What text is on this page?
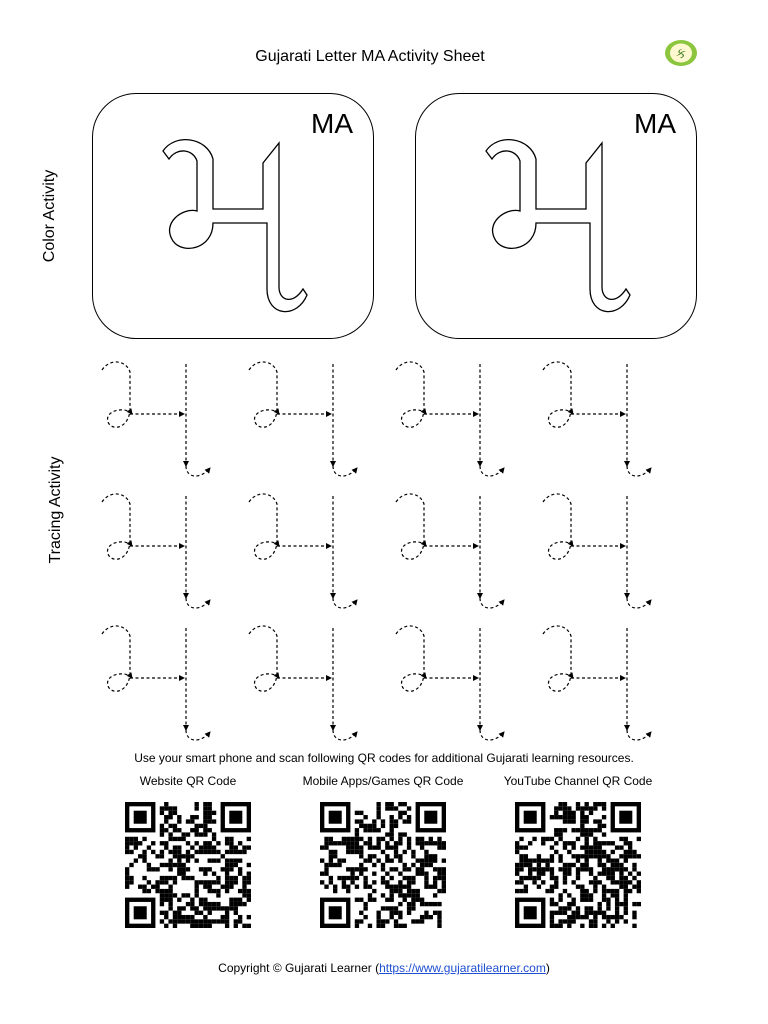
Gujarati Letter MA Activity Sheet	ક
Color Activity
Tracing Activity
MA	MA
Use your smart phone and scan following QR codes for additional Gujarati learning resources.
Website QR Code	Mobile Apps/Games QR Code	YouTube Channel QR Code
Copyright © Gujarati Learner (https://www.gujaratilearner.com)
